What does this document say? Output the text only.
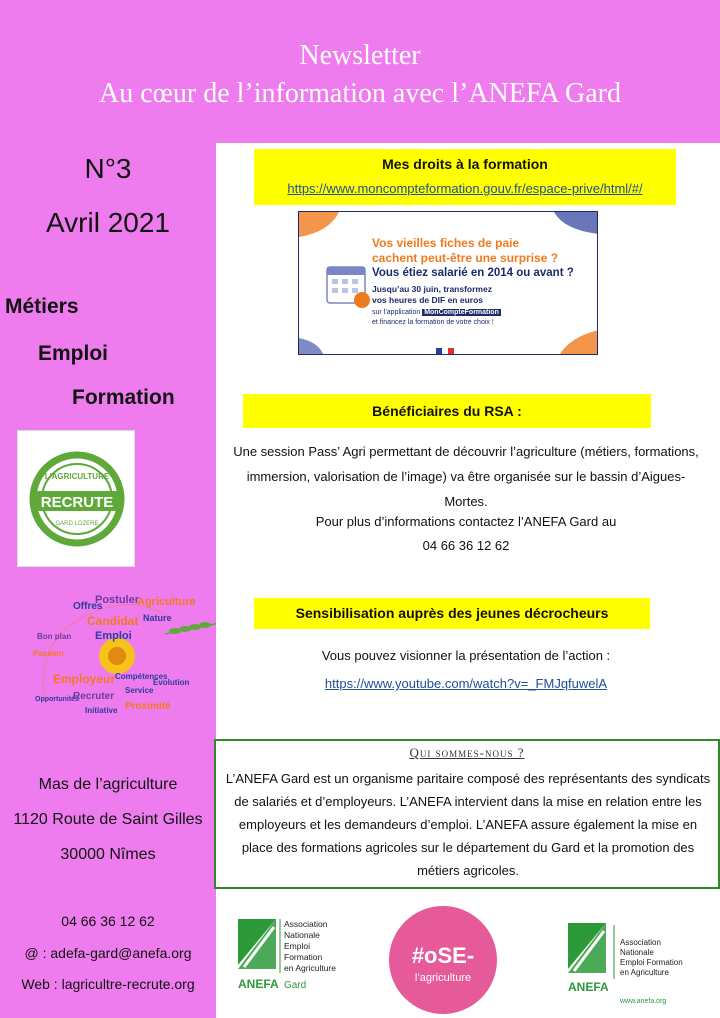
Newsletter
Au cœur de l’information avec l’ANEFA Gard
N°3
Avril 2021
Métiers
Emploi
Formation
RECRUTE
L'AGRICULTURE
GARD LOZERE
Offres
Postuler
Agriculture
Nature
Candidat
Emploi
Compétences
Employeur
Recruter
Service
Evolution
Initiative Proximité
Opportunités
Passion
Bon plan
Mas de l’agriculture
1120 Route de Saint Gilles
30000 Nîmes
04 66 36 12 62
@ : adefa-gard@anefa.org
Web : lagricultre-recrute.org
Mes droits à la formation
https://www.moncompteformation.gouv.fr/espace-prive/html/#/
Vos vieilles fiches de paie
cachent peut-être une surprise ?
Vous étiez salarié en 2014 ou avant ?
Jusqu’au 30 juin, transformez
vos heures de DIF en euros
sur l’application MonCompteFormation
et financez la formation de votre choix !
Bénéficiaires du RSA :
Une session Pass’ Agri permettant de découvrir l’agriculture (métiers, formations, immersion, valorisation de l’image) va être organisée sur le bassin d’Aigues-Mortes.
Pour plus d’informations contactez l’ANEFA Gard au
04 66 36 12 62
Sensibilisation auprès des jeunes décrocheurs
Vous pouvez visionner la présentation de l’action :
https://www.youtube.com/watch?v=_FMJqfuwelA
Qui sommes-nous ?
L’ANEFA Gard est un organisme paritaire composé des représentants des syndicats de salariés et d’employeurs. L’ANEFA intervient dans la mise en relation entre les employeurs et les demandeurs d’emploi. L’ANEFA assure également la mise en place des formations agricoles sur le département du Gard et la promotion des métiers agricoles.
Association
Nationale
Emploi
Formation
en Agriculture
ANEFA Gard
#oSE-
l’agriculture
Association
Nationale
Emploi Formation
en Agriculture
ANEFA
www.anefa.org
